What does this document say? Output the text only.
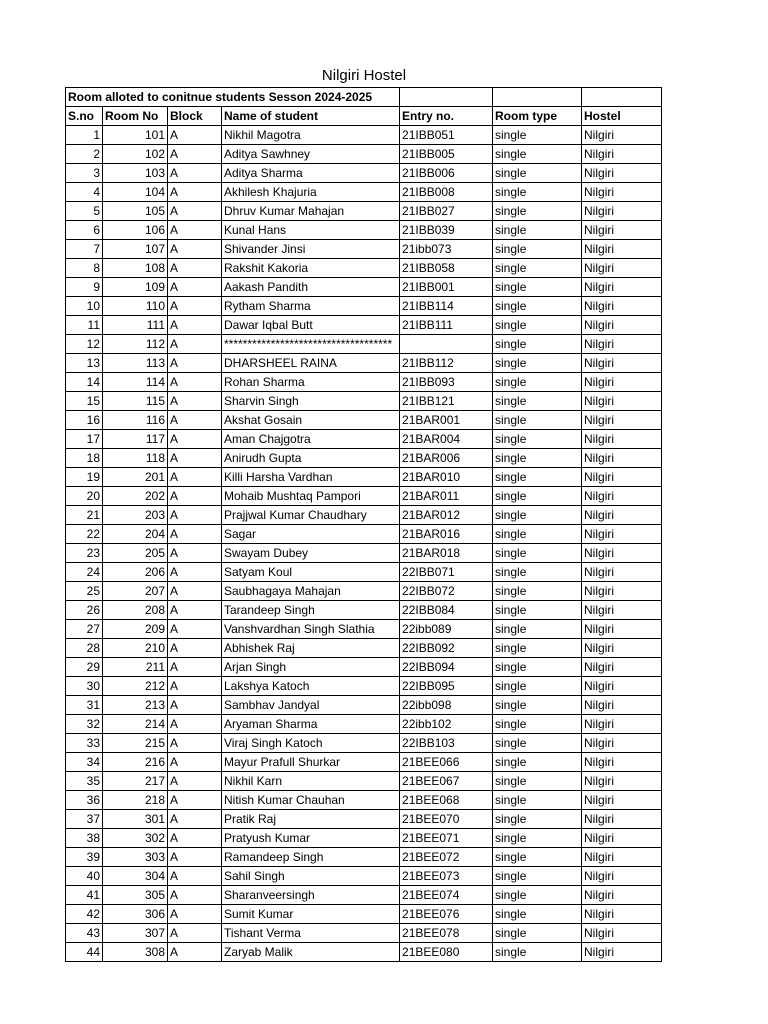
Nilgiri Hostel
Room alloted to conitnue students Sesson 2024-2025						
S.no	Room No	Block	Name of student	Entry no.	Room type	Hostel
1	101	A	Nikhil Magotra	21IBB051	single	Nilgiri
2	102	A	Aditya Sawhney	21IBB005	single	Nilgiri
3	103	A	Aditya Sharma	21IBB006	single	Nilgiri
4	104	A	Akhilesh Khajuria	21IBB008	single	Nilgiri
5	105	A	Dhruv Kumar Mahajan	21IBB027	single	Nilgiri
6	106	A	Kunal Hans	21IBB039	single	Nilgiri
7	107	A	Shivander Jinsi	21ibb073	single	Nilgiri
8	108	A	Rakshit Kakoria	21IBB058	single	Nilgiri
9	109	A	Aakash Pandith	21IBB001	single	Nilgiri
10	110	A	Rytham Sharma	21IBB114	single	Nilgiri
11	111	A	Dawar Iqbal Butt	21IBB111	single	Nilgiri
12	112	A	************************************		single	Nilgiri
13	113	A	DHARSHEEL RAINA	21IBB112	single	Nilgiri
14	114	A	Rohan Sharma	21IBB093	single	Nilgiri
15	115	A	Sharvin Singh	21IBB121	single	Nilgiri
16	116	A	Akshat Gosain	21BAR001	single	Nilgiri
17	117	A	Aman Chajgotra	21BAR004	single	Nilgiri
18	118	A	Anirudh Gupta	21BAR006	single	Nilgiri
19	201	A	Killi Harsha Vardhan	21BAR010	single	Nilgiri
20	202	A	Mohaib Mushtaq Pampori	21BAR011	single	Nilgiri
21	203	A	Prajjwal Kumar Chaudhary	21BAR012	single	Nilgiri
22	204	A	Sagar	21BAR016	single	Nilgiri
23	205	A	Swayam Dubey	21BAR018	single	Nilgiri
24	206	A	Satyam Koul	22IBB071	single	Nilgiri
25	207	A	Saubhagaya Mahajan	22IBB072	single	Nilgiri
26	208	A	Tarandeep Singh	22IBB084	single	Nilgiri
27	209	A	Vanshvardhan Singh Slathia	22ibb089	single	Nilgiri
28	210	A	Abhishek Raj	22IBB092	single	Nilgiri
29	211	A	Arjan Singh	22IBB094	single	Nilgiri
30	212	A	Lakshya Katoch	22IBB095	single	Nilgiri
31	213	A	Sambhav Jandyal	22ibb098	single	Nilgiri
32	214	A	Aryaman Sharma	22ibb102	single	Nilgiri
33	215	A	Viraj Singh Katoch	22IBB103	single	Nilgiri
34	216	A	Mayur Prafull Shurkar	21BEE066	single	Nilgiri
35	217	A	Nikhil Karn	21BEE067	single	Nilgiri
36	218	A	Nitish Kumar Chauhan	21BEE068	single	Nilgiri
37	301	A	Pratik Raj	21BEE070	single	Nilgiri
38	302	A	Pratyush Kumar	21BEE071	single	Nilgiri
39	303	A	Ramandeep Singh	21BEE072	single	Nilgiri
40	304	A	Sahil Singh	21BEE073	single	Nilgiri
41	305	A	Sharanveersingh	21BEE074	single	Nilgiri
42	306	A	Sumit Kumar	21BEE076	single	Nilgiri
43	307	A	Tishant Verma	21BEE078	single	Nilgiri
44	308	A	Zaryab Malik	21BEE080	single	Nilgiri
